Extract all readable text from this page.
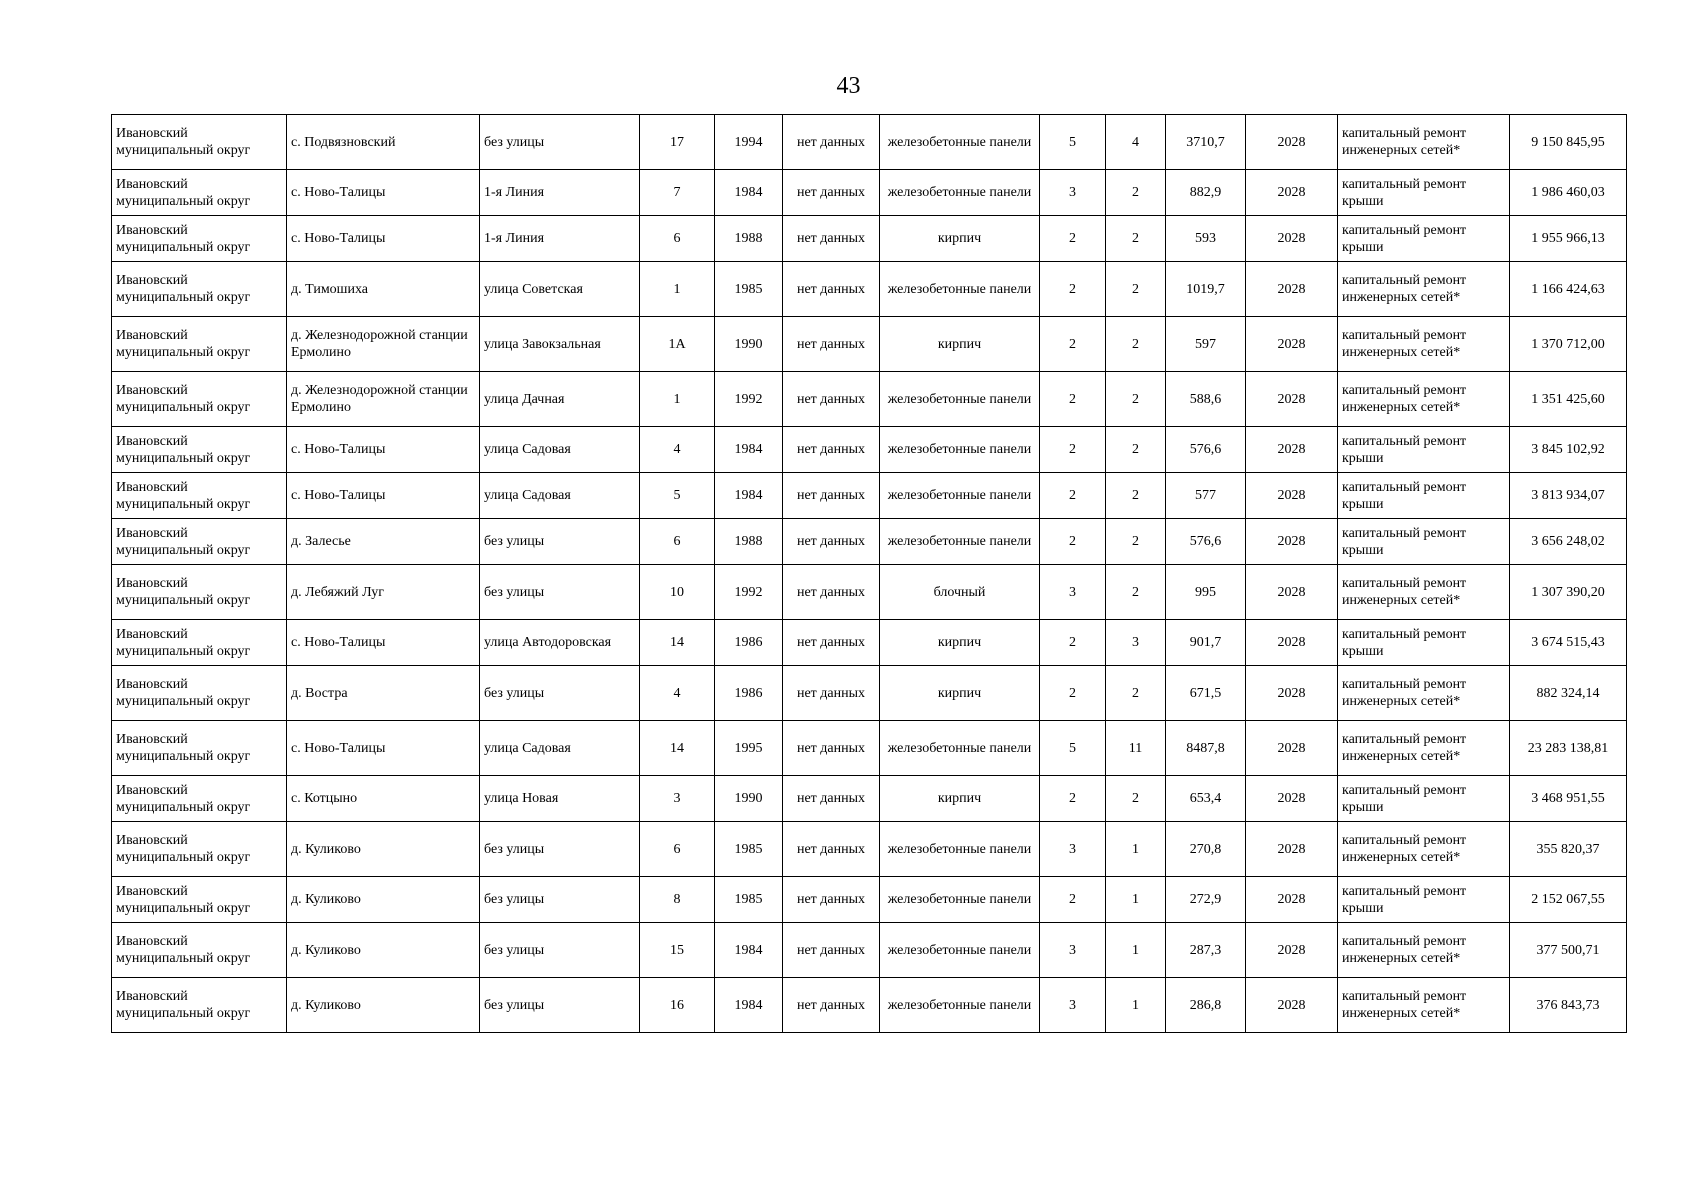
43
Ивановский муниципальный округ	с. Подвязновский	без улицы	17	1994	нет данных	железобетонные панели	5	4	3710,7	2028	капитальный ремонт инженерных сетей*	9 150 845,95
Ивановский муниципальный округ	с. Ново-Талицы	1-я Линия	7	1984	нет данных	железобетонные панели	3	2	882,9	2028	капитальный ремонт крыши	1 986 460,03
Ивановский муниципальный округ	с. Ново-Талицы	1-я Линия	6	1988	нет данных	кирпич	2	2	593	2028	капитальный ремонт крыши	1 955 966,13
Ивановский муниципальный округ	д. Тимошиха	улица Советская	1	1985	нет данных	железобетонные панели	2	2	1019,7	2028	капитальный ремонт инженерных сетей*	1 166 424,63
Ивановский муниципальный округ	д. Железнодорожной станции Ермолино	улица Завокзальная	1А	1990	нет данных	кирпич	2	2	597	2028	капитальный ремонт инженерных сетей*	1 370 712,00
Ивановский муниципальный округ	д. Железнодорожной станции Ермолино	улица Дачная	1	1992	нет данных	железобетонные панели	2	2	588,6	2028	капитальный ремонт инженерных сетей*	1 351 425,60
Ивановский муниципальный округ	с. Ново-Талицы	улица Садовая	4	1984	нет данных	железобетонные панели	2	2	576,6	2028	капитальный ремонт крыши	3 845 102,92
Ивановский муниципальный округ	с. Ново-Талицы	улица Садовая	5	1984	нет данных	железобетонные панели	2	2	577	2028	капитальный ремонт крыши	3 813 934,07
Ивановский муниципальный округ	д. Залесье	без улицы	6	1988	нет данных	железобетонные панели	2	2	576,6	2028	капитальный ремонт крыши	3 656 248,02
Ивановский муниципальный округ	д. Лебяжий Луг	без улицы	10	1992	нет данных	блочный	3	2	995	2028	капитальный ремонт инженерных сетей*	1 307 390,20
Ивановский муниципальный округ	с. Ново-Талицы	улица Автодоровская	14	1986	нет данных	кирпич	2	3	901,7	2028	капитальный ремонт крыши	3 674 515,43
Ивановский муниципальный округ	д. Востра	без улицы	4	1986	нет данных	кирпич	2	2	671,5	2028	капитальный ремонт инженерных сетей*	882 324,14
Ивановский муниципальный округ	с. Ново-Талицы	улица Садовая	14	1995	нет данных	железобетонные панели	5	11	8487,8	2028	капитальный ремонт инженерных сетей*	23 283 138,81
Ивановский муниципальный округ	с. Котцыно	улица Новая	3	1990	нет данных	кирпич	2	2	653,4	2028	капитальный ремонт крыши	3 468 951,55
Ивановский муниципальный округ	д. Куликово	без улицы	6	1985	нет данных	железобетонные панели	3	1	270,8	2028	капитальный ремонт инженерных сетей*	355 820,37
Ивановский муниципальный округ	д. Куликово	без улицы	8	1985	нет данных	железобетонные панели	2	1	272,9	2028	капитальный ремонт крыши	2 152 067,55
Ивановский муниципальный округ	д. Куликово	без улицы	15	1984	нет данных	железобетонные панели	3	1	287,3	2028	капитальный ремонт инженерных сетей*	377 500,71
Ивановский муниципальный округ	д. Куликово	без улицы	16	1984	нет данных	железобетонные панели	3	1	286,8	2028	капитальный ремонт инженерных сетей*	376 843,73
